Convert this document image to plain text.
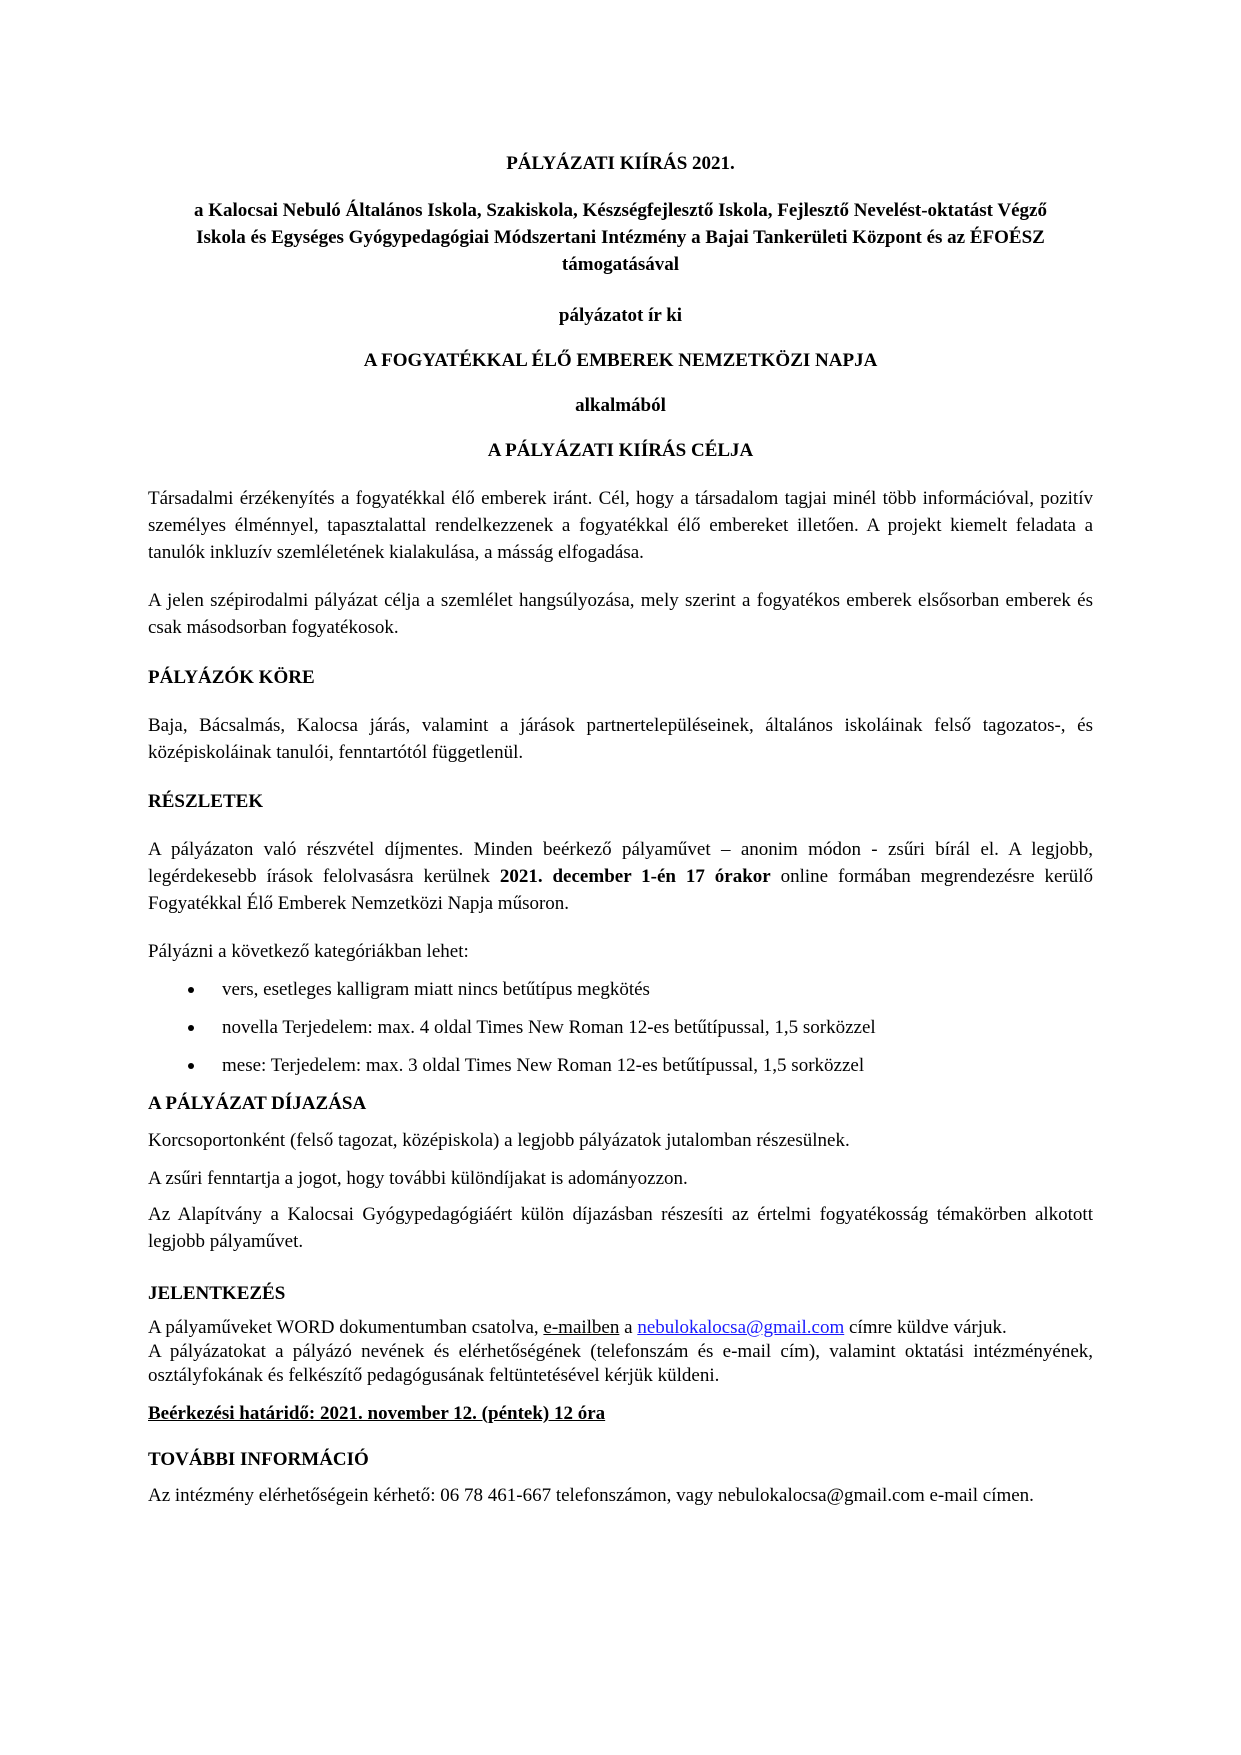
PÁLYÁZATI KIÍRÁS 2021.

a Kalocsai Nebuló Általános Iskola, Szakiskola, Készségfejlesztő Iskola, Fejlesztő Nevelést-oktatást Végző

Iskola és Egységes Gyógypedagógiai Módszertani Intézmény a Bajai Tankerületi Központ és az ÉFOÉSZ

támogatásával

pályázatot ír ki

A FOGYATÉKKAL ÉLŐ EMBEREK NEMZETKÖZI NAPJA

alkalmából

A PÁLYÁZATI KIÍRÁS CÉLJA

Társadalmi érzékenyítés a fogyatékkal élő emberek iránt. Cél, hogy a társadalom tagjai minél több információval, pozitív személyes élménnyel, tapasztalattal rendelkezzenek a fogyatékkal élő embereket illetően. A projekt kiemelt feladata a tanulók inkluzív szemléletének kialakulása, a másság elfogadása.

A jelen szépirodalmi pályázat célja a szemlélet hangsúlyozása, mely szerint a fogyatékos emberek elsősorban emberek és csak másodsorban fogyatékosok.

PÁLYÁZÓK KÖRE

Baja, Bácsalmás, Kalocsa járás, valamint a járások partnertelepüléseinek, általános iskoláinak felső tagozatos-, és középiskoláinak tanulói, fenntartótól függetlenül.

RÉSZLETEK

A pályázaton való részvétel díjmentes. Minden beérkező pályaművet – anonim módon - zsűri bírál el. A legjobb, legérdekesebb írások felolvasásra kerülnek 2021. december 1-én 17 órakor online formában megrendezésre kerülő Fogyatékkal Élő Emberek Nemzetközi Napja műsoron.

Pályázni a következő kategóriákban lehet:

vers, esetleges kalligram miatt nincs betűtípus megkötés
novella Terjedelem: max. 4 oldal Times New Roman 12-es betűtípussal, 1,5 sorközzel
mese: Terjedelem: max. 3 oldal Times New Roman 12-es betűtípussal, 1,5 sorközzel

A PÁLYÁZAT DÍJAZÁSA

Korcsoportonként (felső tagozat, középiskola) a legjobb pályázatok jutalomban részesülnek.

A zsűri fenntartja a jogot, hogy további különdíjakat is adományozzon.

Az Alapítvány a Kalocsai Gyógypedagógiáért külön díjazásban részesíti az értelmi fogyatékosság témakörben alkotott legjobb pályaművet.

JELENTKEZÉS

A pályaműveket WORD dokumentumban csatolva, e-mailben a nebulokalocsa@gmail.com címre küldve várjuk.

A pályázatokat a pályázó nevének és elérhetőségének (telefonszám és e-mail cím), valamint oktatási intézményének, osztályfokának és felkészítő pedagógusának feltüntetésével kérjük küldeni.

Beérkezési határidő: 2021. november 12. (péntek) 12 óra

TOVÁBBI INFORMÁCIÓ

Az intézmény elérhetőségein kérhető: 06 78 461-667 telefonszámon, vagy nebulokalocsa@gmail.com e-mail címen.
